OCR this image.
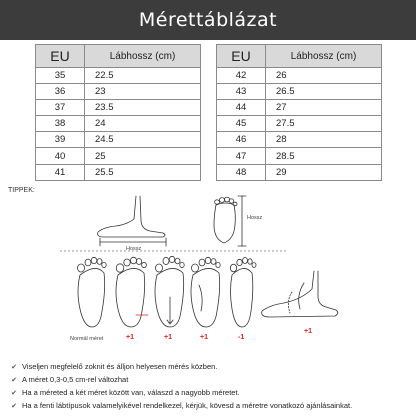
Mérettáblázat
EU	Lábhossz (cm)
35	22.5
36	23
37	23.5
38	24
39	24.5
40	25
41	25.5
EU	Lábhossz (cm)
42	26
43	26.5
44	27
45	27.5
46	28
47	28.5
48	29
TIPPEK:
Normál méret	+1	+1	+1	-1
+1
Hossz
Hossz
✔ Viseljen megfelelő zoknit és álljon helyesen mérés közben.
✔ A méret 0,3-0,5 cm-rel változhat
✔ Ha a méreted a két méret között van, válaszd a nagyobb méretet.
✔ Ha a fenti lábtípusok valamelyikével rendelkezel, kérjük, kövesd a méretre vonatkozó ajánlásainkat.
